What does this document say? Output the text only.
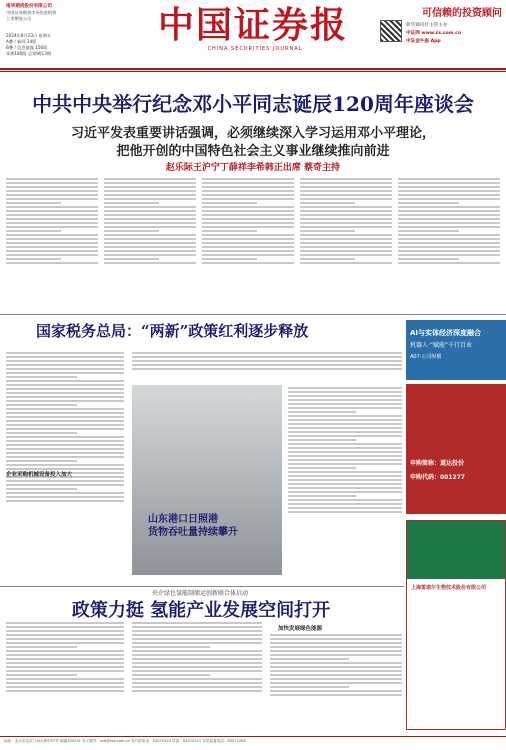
南华期货股份有限公司
中国证券期货市场先进机构
上市期货公司
2024年8月23日 星期五
A叠 / 新闻 24版
B叠 / 信息披露 156版
本期180版 总第9013期
中国证券报
CHINA SECURITIES JOURNAL
可信赖的投资顾问
新华通讯社主管主办
中证网 www.cs.com.cn
中证金牛座 App
中共中央举行纪念邓小平同志诞辰120周年座谈会
习近平发表重要讲话强调，必须继续深入学习运用邓小平理论，
把他开创的中国特色社会主义事业继续推向前进
赵乐际王沪宁丁薛祥李希韩正出席 蔡奇主持
国家税务总局：“两新”政策红利逐步释放
企业采购机械设备投入加大
山东港口日照港
货物吞吐量持续攀升
AI与实体经济深度融合
机器人·“赋能”千行百业
A07·公司纵横
申购简称：道达投份
申购代码：001277
上海雷诺尔生物技术股份有限公司
央企绿色氢能制储运创新联合体启动
政策力挺 氢能产业发展空间打开
加快发展绿色能源
地址：北京市宣武门西大街甲97号 邮编100031 电子邮件：zzb@zzb.com.cn 发行部电话：63070324 传真：63070321 本报监督电话：63072288
